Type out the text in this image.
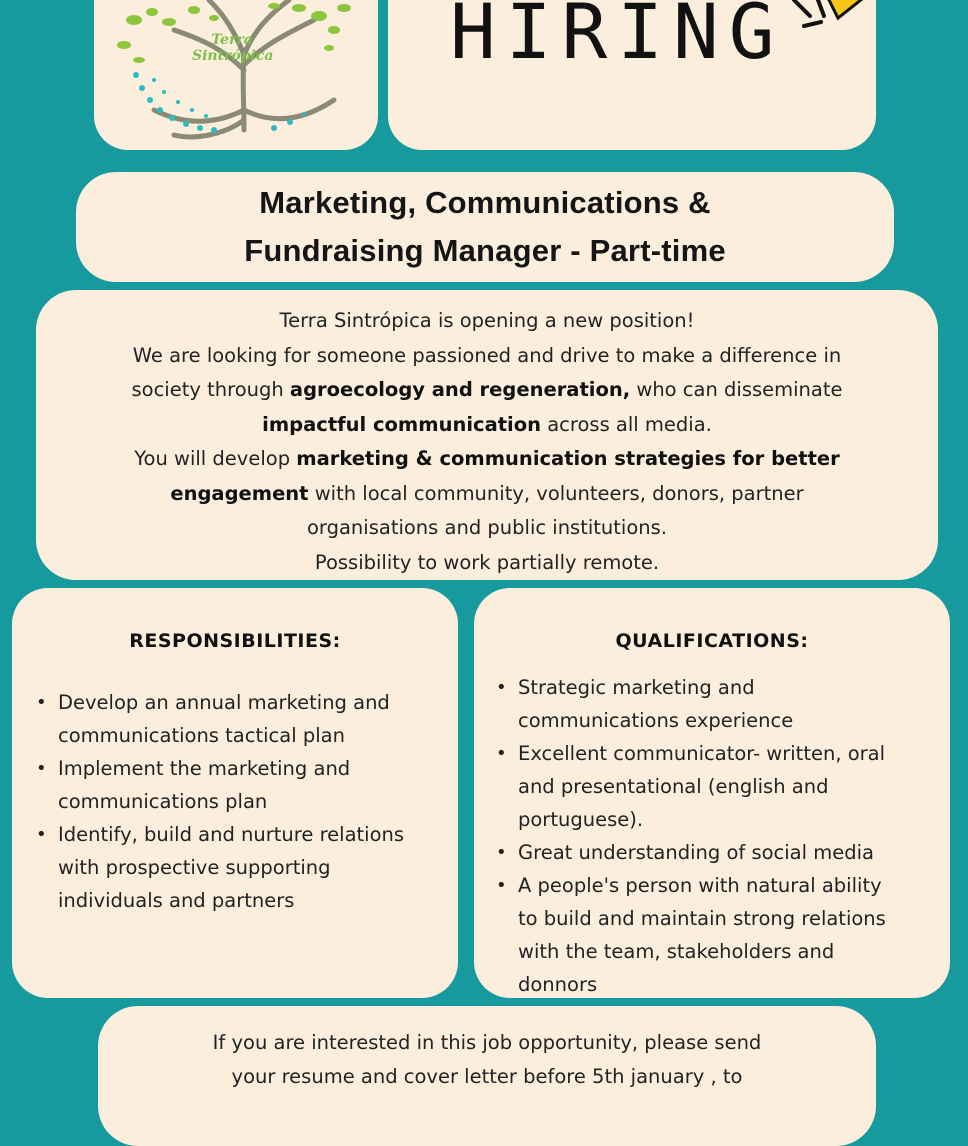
Terra
Sintrópica HIRING
Marketing, Communications &
Fundraising Manager - Part-time
Terra Sintrópica is opening a new position!
We are looking for someone passioned and drive to make a difference in
society through agroecology and regeneration, who can disseminate
impactful communication across all media.
You will develop marketing & communication strategies for better
engagement with local community, volunteers, donors, partner
organisations and public institutions.
Possibility to work partially remote.
RESPONSIBILITIES:
• Develop an annual marketing and
communications tactical plan
• Implement the marketing and
communications plan
• Identify, build and nurture relations
with prospective supporting
individuals and partners
QUALIFICATIONS:
• Strategic marketing and
communications experience
• Excellent communicator- written, oral
and presentational (english and
portuguese).
• Great understanding of social media
• A people's person with natural ability
to build and maintain strong relations
with the team, stakeholders and
donnors
If you are interested in this job opportunity, please send
your resume and cover letter before 5th january , to
